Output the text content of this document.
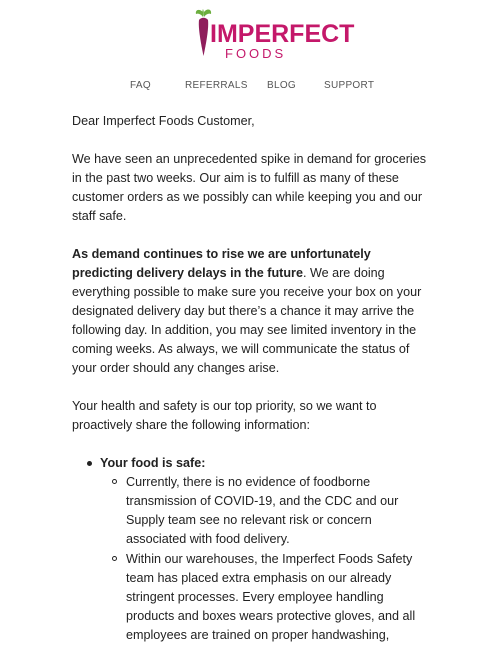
IMPERFECT
FOODS
FAQ	REFERRALS BLOG	SUPPORT

Dear Imperfect Foods Customer,

We have seen an unprecedented spike in demand for groceries in the past two weeks. Our aim is to fulfill as many of these customer orders as we possibly can while keeping you and our staff safe.

As demand continues to rise we are unfortunately predicting delivery delays in the future. We are doing everything possible to make sure you receive your box on your designated delivery day but there’s a chance it may arrive the following day. In addition, you may see limited inventory in the coming weeks. As always, we will communicate the status of your order should any changes arise.

Your health and safety is our top priority, so we want to proactively share the following information:

Your food is safe:
Currently, there is no evidence of foodborne transmission of COVID-19, and the CDC and our Supply team see no relevant risk or concern associated with food delivery.
Within our warehouses, the Imperfect Foods Safety team has placed extra emphasis on our already stringent processes. Every employee handling products and boxes wears protective gloves, and all employees are trained on proper handwashing,
